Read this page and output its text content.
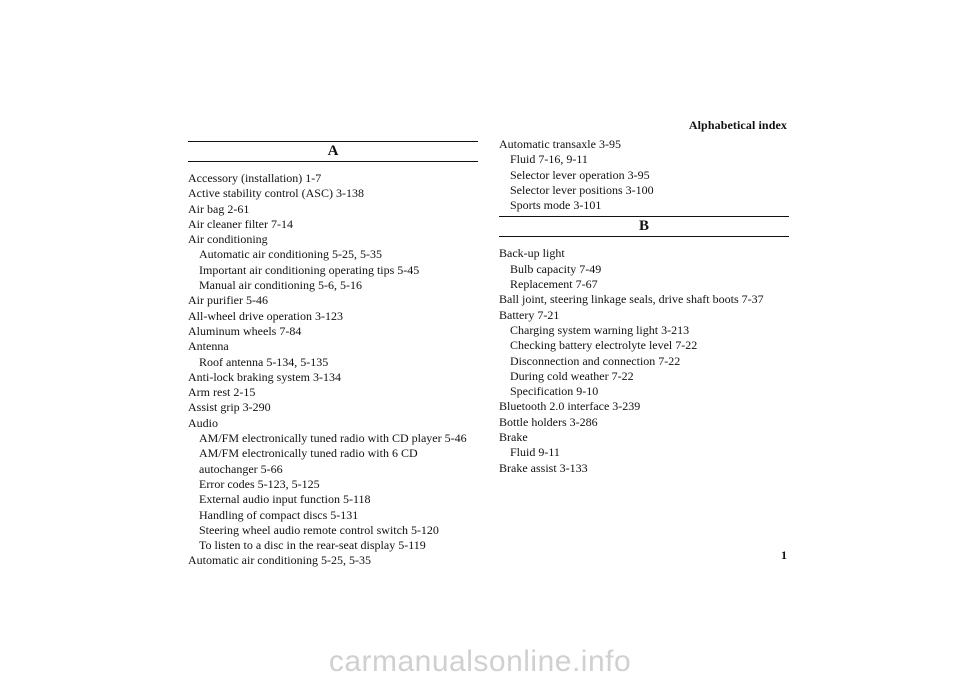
Alphabetical index
A
Accessory (installation) 1-7
Active stability control (ASC) 3-138
Air bag 2-61
Air cleaner filter 7-14
Air conditioning
Automatic air conditioning 5-25, 5-35
Important air conditioning operating tips 5-45
Manual air conditioning 5-6, 5-16
Air purifier 5-46
All-wheel drive operation 3-123
Aluminum wheels 7-84
Antenna
Roof antenna 5-134, 5-135
Anti-lock braking system 3-134
Arm rest 2-15
Assist grip 3-290
Audio
AM/FM electronically tuned radio with CD player 5-46
AM/FM electronically tuned radio with 6 CD autochanger 5-66
Error codes 5-123, 5-125
External audio input function 5-118
Handling of compact discs 5-131
Steering wheel audio remote control switch 5-120
To listen to a disc in the rear-seat display 5-119
Automatic air conditioning 5-25, 5-35
Automatic transaxle 3-95
Fluid 7-16, 9-11
Selector lever operation 3-95
Selector lever positions 3-100
Sports mode 3-101
B
Back-up light
Bulb capacity 7-49
Replacement 7-67
Ball joint, steering linkage seals, drive shaft boots 7-37
Battery 7-21
Charging system warning light 3-213
Checking battery electrolyte level 7-22
Disconnection and connection 7-22
During cold weather 7-22
Specification 9-10
Bluetooth 2.0 interface 3-239
Bottle holders 3-286
Brake
Fluid 9-11
Brake assist 3-133
1
carmanualsonline.info
